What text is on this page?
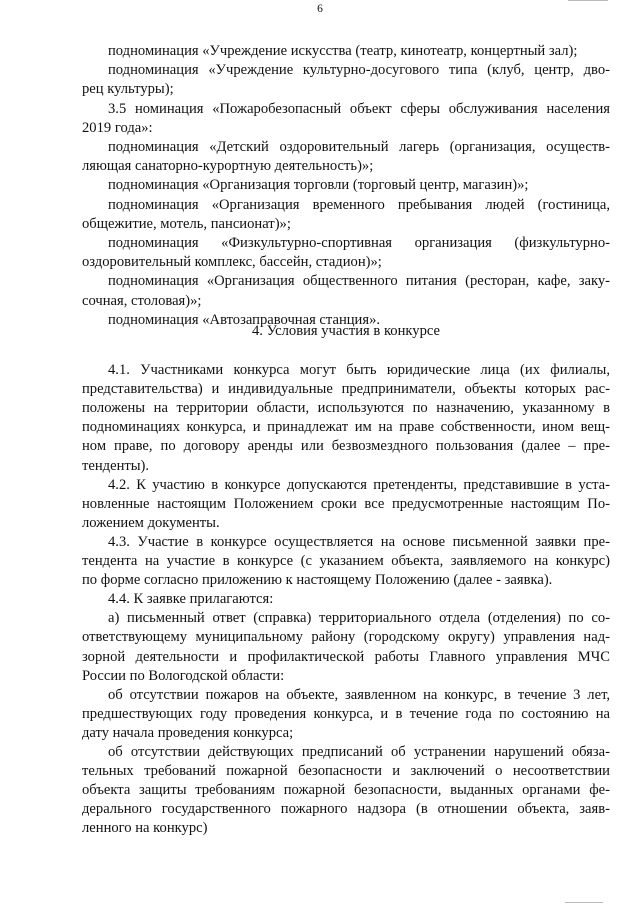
6
подноминация «Учреждение искусства (театр, кинотеатр, концертный зал);
подноминация «Учреждение культурно-досугового типа (клуб, центр, дво-
рец культуры);
3.5 номинация «Пожаробезопасный объект сферы обслуживания населения
2019 года»:
подноминация «Детский оздоровительный лагерь (организация, осуществ-
ляющая санаторно-курортную деятельность)»;
подноминация «Организация торговли (торговый центр, магазин)»;
подноминация «Организация временного пребывания людей (гостиница,
общежитие, мотель, пансионат)»;
подноминация «Физкультурно-спортивная организация (физкультурно-
оздоровительный комплекс, бассейн, стадион)»;
подноминация «Организация общественного питания (ресторан, кафе, заку-
сочная, столовая)»;
подноминация «Автозаправочная станция».
4. Условия участия в конкурсе
4.1. Участниками конкурса могут быть юридические лица (их филиалы,
представительства) и индивидуальные предприниматели, объекты которых рас-
положены на территории области, используются по назначению, указанному в
подноминациях конкурса, и принадлежат им на праве собственности, ином вещ-
ном праве, по договору аренды или безвозмездного пользования (далее – пре-
тенденты).
4.2. К участию в конкурсе допускаются претенденты, представившие в уста-
новленные настоящим Положением сроки все предусмотренные настоящим По-
ложением документы.
4.3. Участие в конкурсе осуществляется на основе письменной заявки пре-
тендента на участие в конкурсе (с указанием объекта, заявляемого на конкурс)
по форме согласно приложению к настоящему Положению (далее - заявка).
4.4. К заявке прилагаются:
а) письменный ответ (справка) территориального отдела (отделения) по со-
ответствующему муниципальному району (городскому округу) управления над-
зорной деятельности и профилактической работы Главного управления МЧС
России по Вологодской области:
об отсутствии пожаров на объекте, заявленном на конкурс, в течение 3 лет,
предшествующих году проведения конкурса, и в течение года по состоянию на
дату начала проведения конкурса;
об отсутствии действующих предписаний об устранении нарушений обяза-
тельных требований пожарной безопасности и заключений о несоответствии
объекта защиты требованиям пожарной безопасности, выданных органами фе-
дерального государственного пожарного надзора (в отношении объекта, заяв-
ленного на конкурс)
